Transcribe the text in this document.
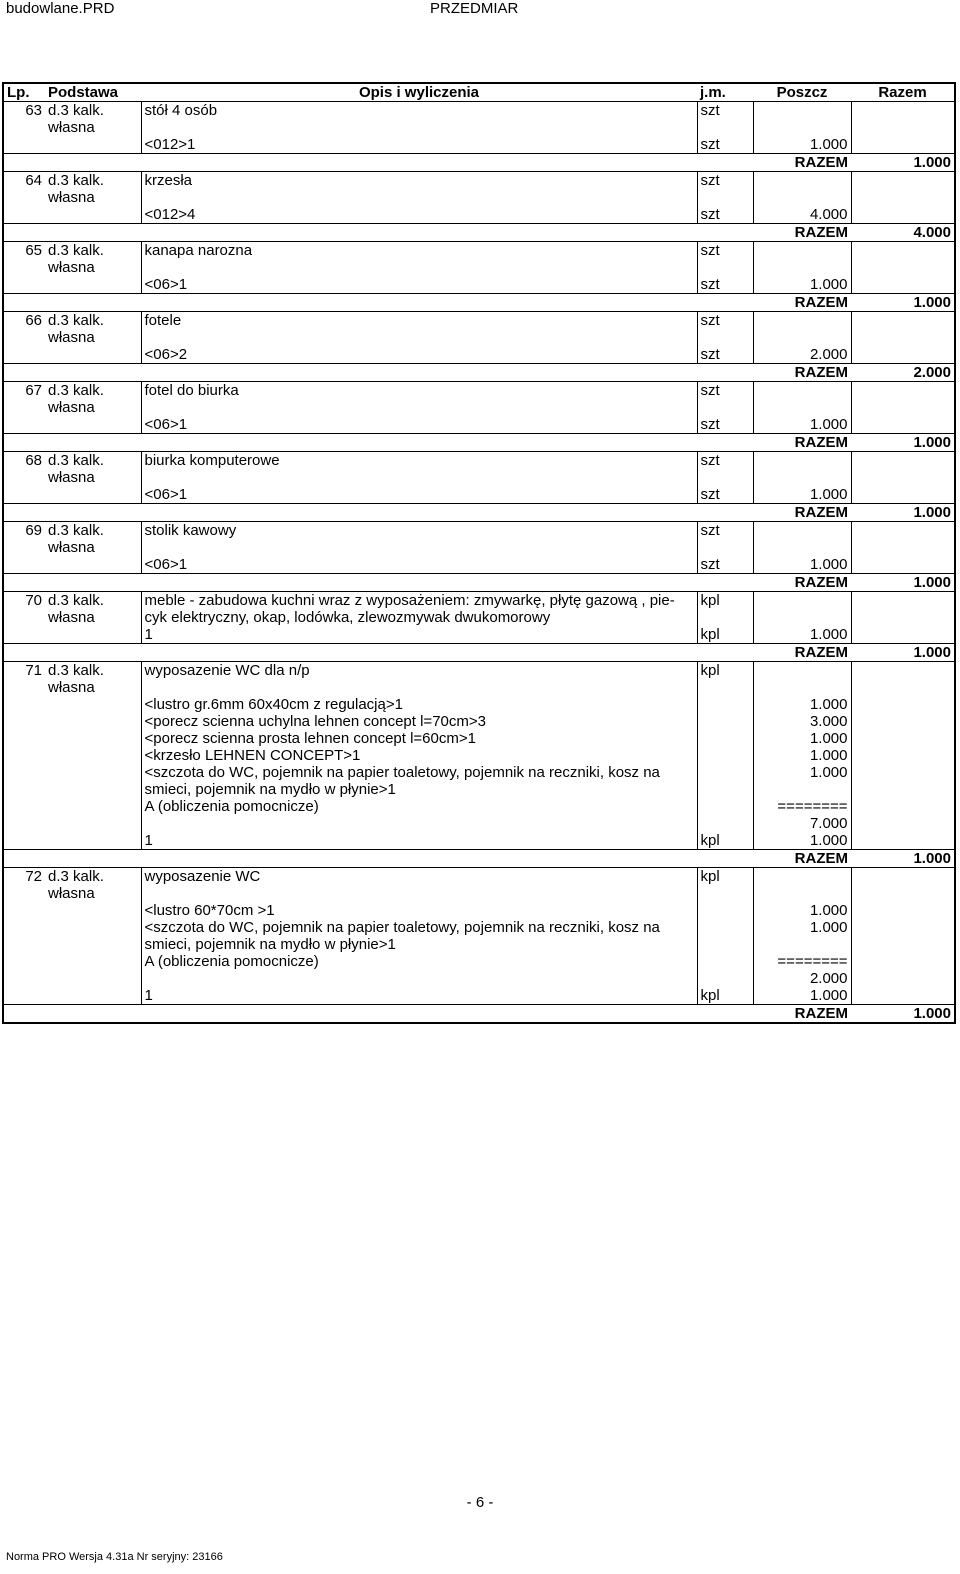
budowlane.PRD	PRZEDMIAR
Lp.	Podstawa	Opis i wyliczenia	j.m.	Poszcz	Razem
63	d.3 kalk. własna	stół 4 osób	szt		

		<012>1	szt	1.000	
				RAZEM	1.000
64	d.3 kalk. własna	krzesła	szt		

		<012>4	szt	4.000	
				RAZEM	4.000
65	d.3 kalk. własna	kanapa narozna	szt		

		<06>1	szt	1.000	
				RAZEM	1.000
66	d.3 kalk. własna	fotele	szt		

		<06>2	szt	2.000	
				RAZEM	2.000
67	d.3 kalk. własna	fotel do biurka	szt		

		<06>1	szt	1.000	
				RAZEM	1.000
68	d.3 kalk. własna	biurka komputerowe	szt		

		<06>1	szt	1.000	
				RAZEM	1.000
69	d.3 kalk. własna	stolik kawowy	szt		

		<06>1	szt	1.000	
				RAZEM	1.000
70	d.3 kalk. własna	meble - zabudowa kuchni wraz z wyposażeniem: zmywarkę, płytę gazową , pie-cyk elektryczny, okap, lodówka, zlewozmywak dwukomorowy	kpl		

		1	kpl	1.000	
				RAZEM	1.000
71	d.3 kalk. własna	wyposazenie WC dla n/p	kpl		

		<lustro gr.6mm 60x40cm z regulacją>1		1.000	
		<porecz scienna uchylna lehnen concept l=70cm>3		3.000	
		<porecz scienna prosta lehnen concept l=60cm>1		1.000	
		<krzesło LEHNEN CONCEPT>1		1.000	
		<szczota do WC, pojemnik na papier toaletowy, pojemnik na reczniki, kosz na smieci, pojemnik na mydło w płynie>1		1.000	
		A (obliczenia pomocnicze)		========	
				7.000	
		1	kpl	1.000	
				RAZEM	1.000
72	d.3 kalk. własna	wyposazenie WC	kpl		

		<lustro 60*70cm >1		1.000	
		<szczota do WC, pojemnik na papier toaletowy, pojemnik na reczniki, kosz na smieci, pojemnik na mydło w płynie>1		1.000	
		A (obliczenia pomocnicze)		========	
				2.000	
		1	kpl	1.000	
				RAZEM	1.000
- 6 -
Norma PRO Wersja 4.31a Nr seryjny: 23166
